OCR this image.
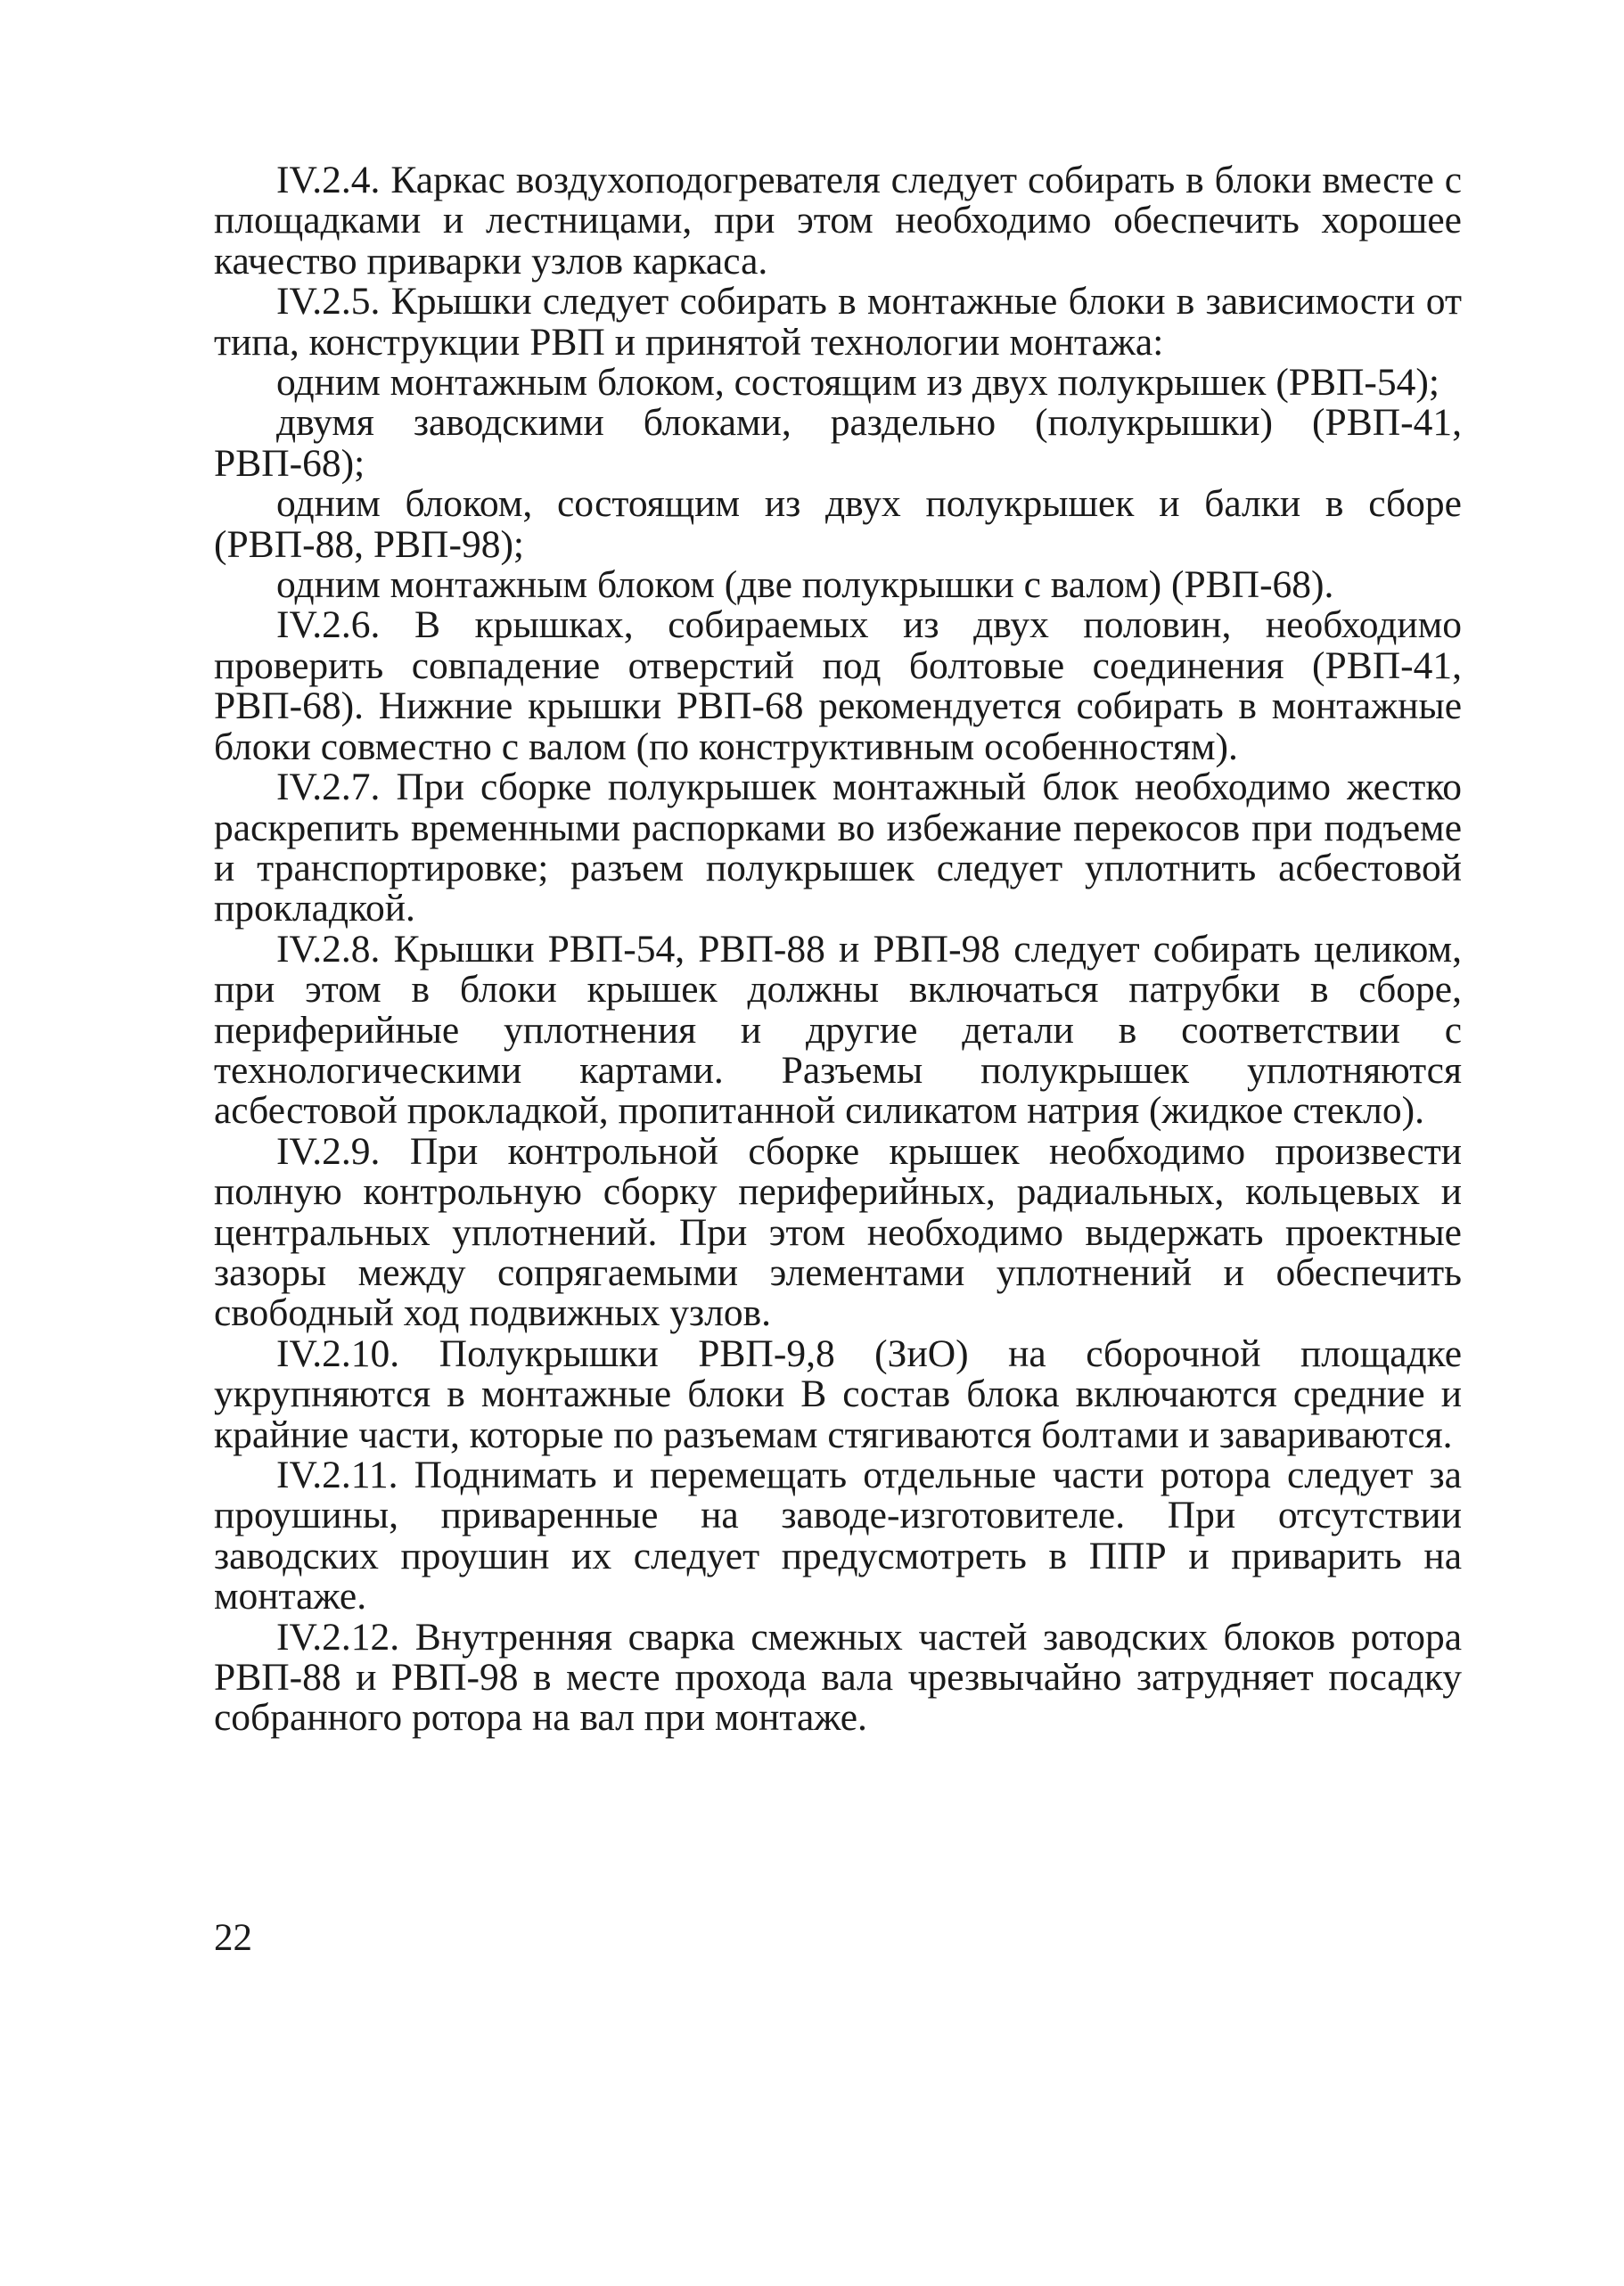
IV.2.4. Каркас воздухоподогревателя следует собирать в блоки вместе с площадками и лестницами, при этом необходимо обеспечить хорошее качество приварки узлов каркаса.

IV.2.5. Крышки следует собирать в монтажные блоки в зависимости от типа, конструкции РВП и принятой технологии монтажа:

одним монтажным блоком, состоящим из двух полукрышек (РВП-54);

двумя заводскими блоками, раздельно (полукрышки) (РВП-41, РВП-68);

одним блоком, состоящим из двух полукрышек и балки в сборе (РВП-88, РВП-98);

одним монтажным блоком (две полукрышки с валом) (РВП-68).

IV.2.6. В крышках, собираемых из двух половин, необходимо проверить совпадение отверстий под болтовые соединения (РВП-41, РВП-68). Нижние крышки РВП-68 рекомендуется собирать в монтажные блоки совместно с валом (по конструктивным особенностям).

IV.2.7. При сборке полукрышек монтажный блок необходимо жестко раскрепить временными распорками во избежание перекосов при подъеме и транспортировке; разъем полукрышек следует уплотнить асбестовой прокладкой.

IV.2.8. Крышки РВП-54, РВП-88 и РВП-98 следует собирать целиком, при этом в блоки крышек должны включаться патрубки в сборе, периферийные уплотнения и другие детали в соответствии с технологическими картами. Разъемы полукрышек уплотняются асбестовой прокладкой, пропитанной силикатом натрия (жидкое стекло).

IV.2.9. При контрольной сборке крышек необходимо произвести полную контрольную сборку периферийных, радиальных, кольцевых и центральных уплотнений. При этом необходимо выдержать проектные зазоры между сопрягаемыми элементами уплотнений и обеспечить свободный ход подвижных узлов.

IV.2.10. Полукрышки РВП-9,8 (ЗиО) на сборочной площадке укрупняются в монтажные блоки В состав блока включаются средние и крайние части, которые по разъемам стягиваются болтами и завариваются.

IV.2.11. Поднимать и перемещать отдельные части ротора следует за проушины, приваренные на заводе-изготовителе. При отсутствии заводских проушин их следует предусмотреть в ППР и приварить на монтаже.

IV.2.12. Внутренняя сварка смежных частей заводских блоков ротора РВП-88 и РВП-98 в месте прохода вала чрезвычайно затрудняет посадку собранного ротора на вал при монтаже.

22
